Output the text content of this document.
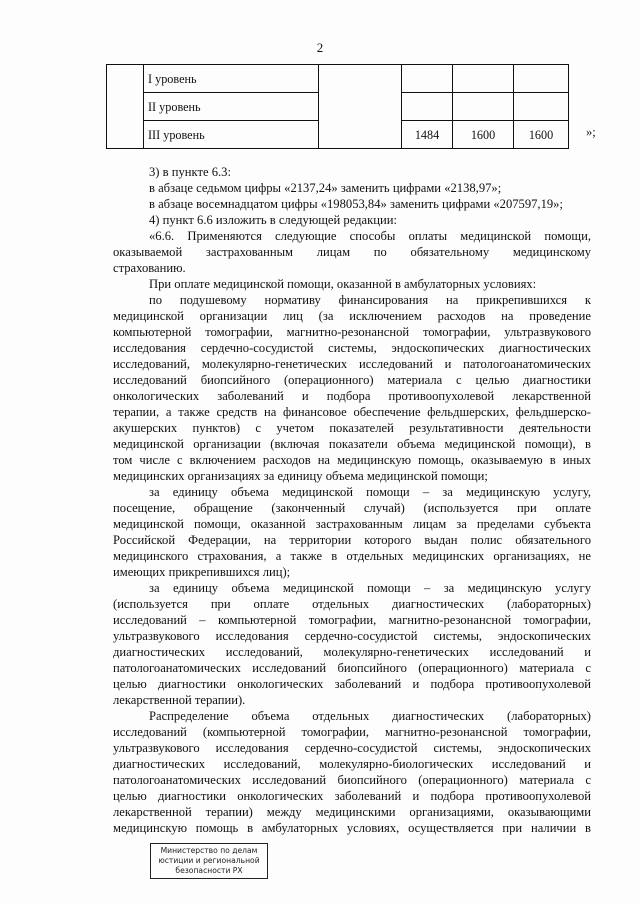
2
	I уровень				
	II уровень				
	III уровень		1484	1600	1600	»;
3) в пункте 6.3:
в абзаце седьмом цифры «2137,24» заменить цифрами «2138,97»;
в абзаце восемнадцатом цифры «198053,84» заменить цифрами «207597,19»;
4) пункт 6.6 изложить в следующей редакции:
«6.6. Применяются следующие способы оплаты медицинской помощи,
оказываемой застрахованным лицам по обязательному медицинскому
страхованию.
При оплате медицинской помощи, оказанной в амбулаторных условиях:
по подушевому нормативу финансирования на прикрепившихся к
медицинской организации лиц (за исключением расходов на проведение
компьютерной томографии, магнитно-резонансной томографии, ультразвукового
исследования сердечно-сосудистой системы, эндоскопических диагностических
исследований, молекулярно-генетических исследований и патологоанатомических
исследований биопсийного (операционного) материала с целью диагностики
онкологических заболеваний и подбора противоопухолевой лекарственной
терапии, а также средств на финансовое обеспечение фельдшерских, фельдшерско-
акушерских пунктов) с учетом показателей результативности деятельности
медицинской организации (включая показатели объема медицинской помощи), в
том числе с включением расходов на медицинскую помощь, оказываемую в иных
медицинских организациях за единицу объема медицинской помощи;
за единицу объема медицинской помощи – за медицинскую услугу,
посещение, обращение (законченный случай) (используется при оплате
медицинской помощи, оказанной застрахованным лицам за пределами субъекта
Российской Федерации, на территории которого выдан полис обязательного
медицинского страхования, а также в отдельных медицинских организациях, не
имеющих прикрепившихся лиц);
за единицу объема медицинской помощи – за медицинскую услугу
(используется при оплате отдельных диагностических (лабораторных)
исследований – компьютерной томографии, магнитно-резонансной томографии,
ультразвукового исследования сердечно-сосудистой системы, эндоскопических
диагностических исследований, молекулярно-генетических исследований и
патологоанатомических исследований биопсийного (операционного) материала с
целью диагностики онкологических заболеваний и подбора противоопухолевой
лекарственной терапии).
Распределение объема отдельных диагностических (лабораторных)
исследований (компьютерной томографии, магнитно-резонансной томографии,
ультразвукового исследования сердечно-сосудистой системы, эндоскопических
диагностических исследований, молекулярно-биологических исследований и
патологоанатомических исследований биопсийного (операционного) материала с
целью диагностики онкологических заболеваний и подбора противоопухолевой
лекарственной терапии) между медицинскими организациями, оказывающими
медицинскую помощь в амбулаторных условиях, осуществляется при наличии в
Министерство по делам
юстиции и региональной
безопасности РХ
